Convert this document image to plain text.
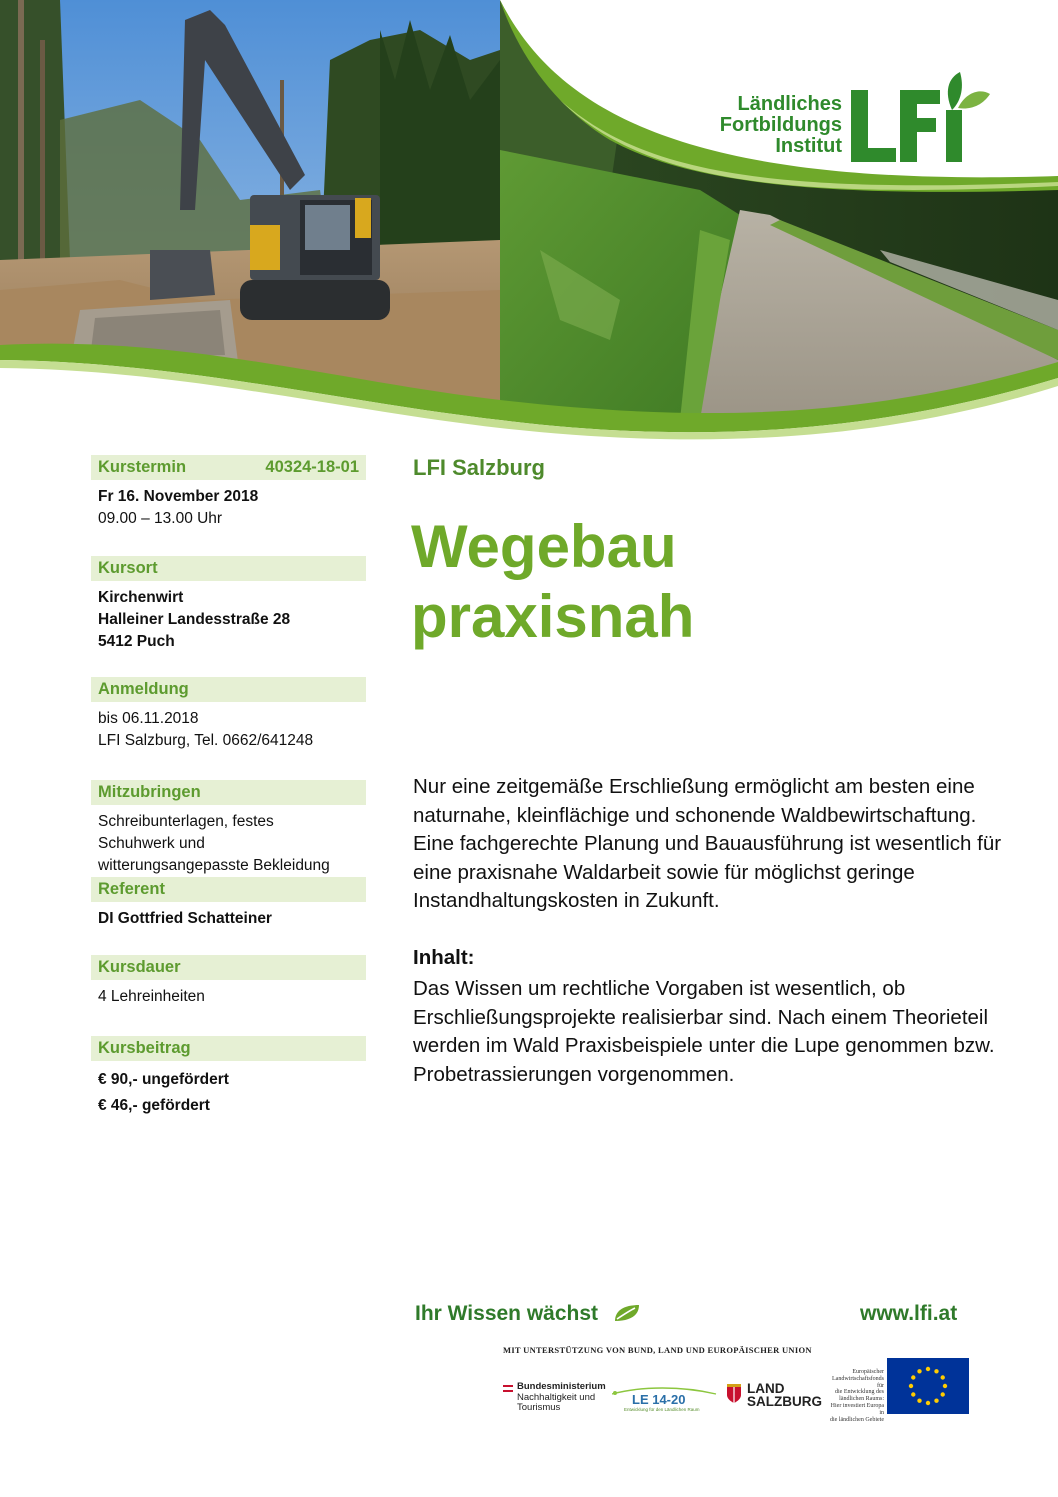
Ländliches
Fortbildungs
Institut
Kurstermin	40324-18-01
Fr 16. November 2018
09.00 – 13.00 Uhr
Kursort
Kirchenwirt
Halleiner Landesstraße 28
5412 Puch
Anmeldung
bis 06.11.2018
LFI Salzburg, Tel. 0662/641248
Mitzubringen
Schreibunterlagen, festes
Schuhwerk und
witterungsangepasste Bekleidung
Referent
DI Gottfried Schatteiner
Kursdauer
4 Lehreinheiten
Kursbeitrag
€ 90,- ungefördert
€ 46,- gefördert
LFI Salzburg
Wegebau
praxisnah

Nur eine zeitgemäße Erschließung ermöglicht am besten eine naturnahe, kleinflächige und schonende Waldbewirtschaftung. Eine fachgerechte Planung und Bauausführung ist wesentlich für eine praxisnahe Waldarbeit sowie für möglichst geringe Instandhaltungskosten in Zukunft.

Inhalt:

Das Wissen um rechtliche Vorgaben ist wesentlich, ob Erschließungsprojekte realisierbar sind. Nach einem Theorieteil werden im Wald Praxisbeispiele unter die Lupe genommen bzw. Probetrassierungen vorgenommen.

Ihr Wissen wächst	www.lfi.at
MIT UNTERSTÜTZUNG VON BUND, LAND UND EUROPÄISCHER UNION
Bundesministerium
Nachhaltigkeit und
Tourismus
LE 14-20
Entwicklung für den Ländlichen Raum
LAND
SALZBURG
Europäischer
Landwirtschaftsfonds für
die Entwicklung des
ländlichen Raums:
Hier investiert Europa in
die ländlichen Gebiete
